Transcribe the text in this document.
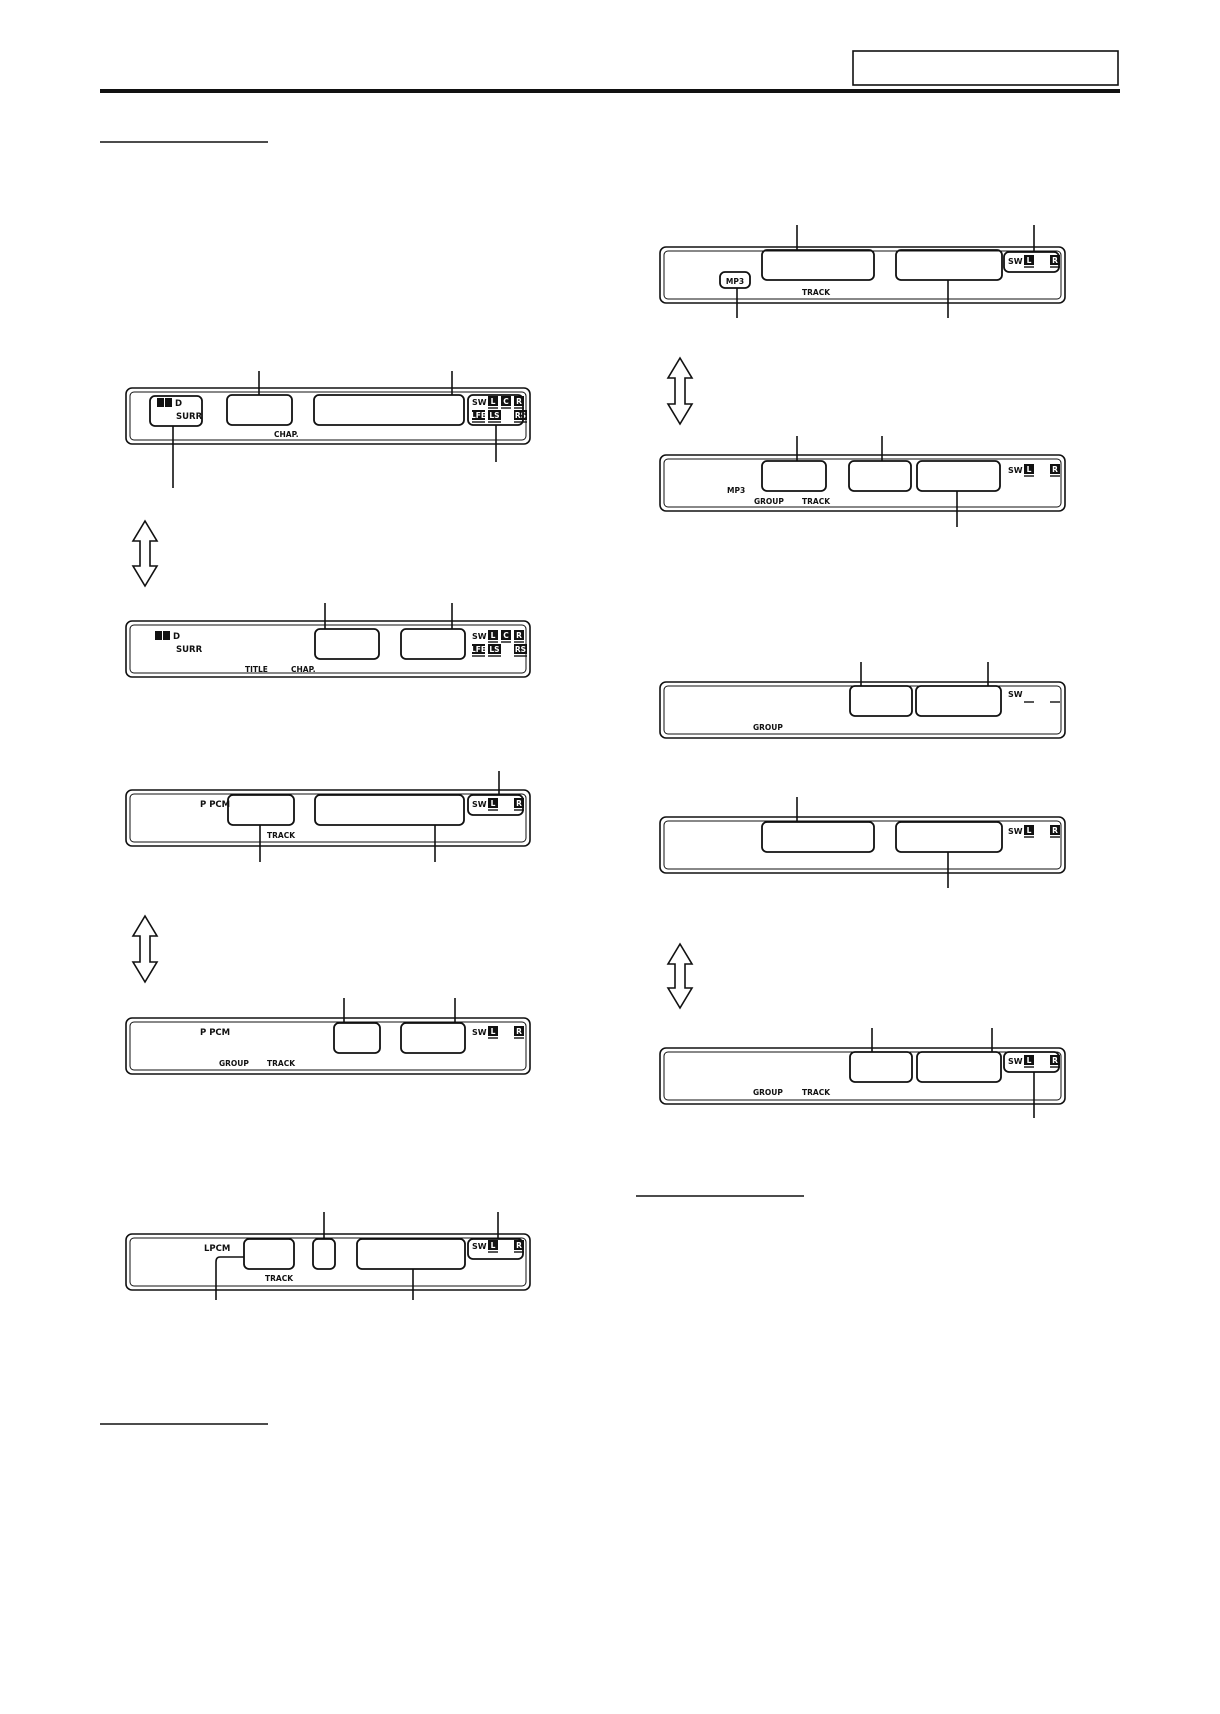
D
SURR
CHAP.
SW L C R
LFE LS RS
D
SURR
TITLE	CHAP.
SW L C R
LFE LS RS
P PCM
TRACK
SW L	R
P PCM
GROUP TRACK
SW L	R
LPCM
TRACK
SW L	R
MP3
TRACK
SW L	R
MP3
GROUP TRACK
SW L	R
GROUP
SW
SW L	R
GROUP	TRACK
SW L	R
